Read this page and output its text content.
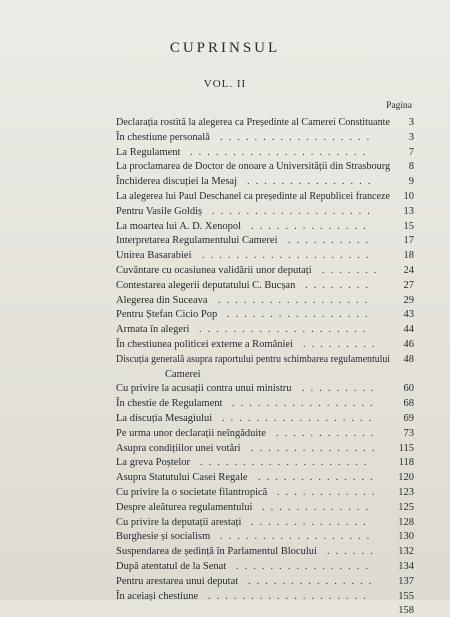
CUPRINSUL
VOL. II
Pagina
Declarația rostită la alegerea ca Președinte al Camerei Constituante 3
În chestiune personală	3
..................
La Regulament	7
.....................
La proclamarea de Doctor de onoare a Universității din Strasbourg 8
Închiderea discuției la Mesaj	9
...............
La alegerea lui Paul Deschanel ca președinte al Republicei franceze 10
Pentru Vasile Goldiș	13
...................
La moartea lui A. D. Xenopol	15
..............
Interpretarea Regulamentului Camerei	17
..........
Unirea Basarabiei	18
....................
Cuvântare cu ocasiunea validării unor deputați	24
.......
Contestarea alegerii deputatului C. Bucșan	27
........
Alegerea din Suceava	29
..................
Pentru Ștefan Cicio Pop	43
.................
Armata în alegeri	44
....................
În chestiunea politicei externe a României	46
.........
Discuția generală asupra raportului pentru schimbarea regulamentului 48
Camerei
Cu privire la acusații contra unui ministru	60
.........
În chestie de Regulament	68
.................
La discuția Mesagiului	69
..................
Pe urma unor declarații neîngăduite	73
............
Asupra condițiilor unei votări	115
...............
La greva Poștelor	118
....................
Asupra Statutului Casei Regale	120
..............
Cu privire la o societate filantropică	123
............
Despre aleăturea regulamentului	125
.............
Cu privire la deputații arestați	128
..............
Burghesie și socialism	130
..................
Suspendarea de ședință în Parlamentul Blocului	132
......
După atentatul de la Senat	134
................
Pentru arestarea unui deputat	137
...............
În aceiași chestiune	155
...................
158
